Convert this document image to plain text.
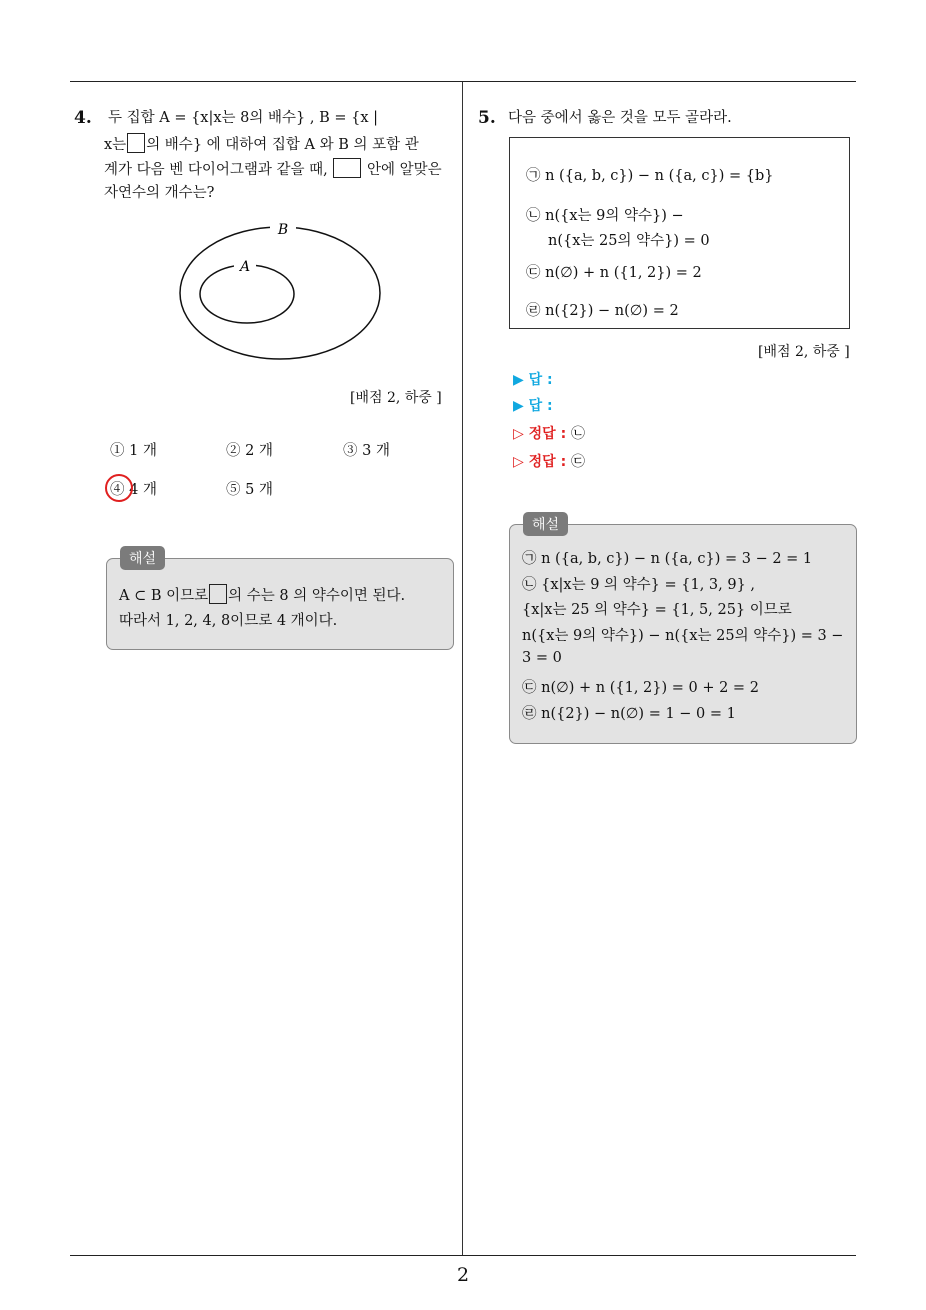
2
4. 두 집합 A = {x|x는 8의 배수} , B = {x |
x는 의 배수} 에 대하여 집합 A 와 B 의 포함 관
계가 다음 벤 다이어그램과 같을 때,	안에 알맞은
자연수의 개수는?
B
A
[배점 2, 하중 ]
① 1 개	② 2 개	③ 3 개
④ 4 개	⑤ 5 개
A ⊂ B 이므로 의 수는 8 의 약수이면 된다.
따라서 1, 2, 4, 8이므로 4 개이다.
해설
5. 다음 중에서 옳은 것을 모두 골라라.
㉠ n ({a, b, c}) − n ({a, c}) = {b}
㉡ n({x는 9의 약수}) −
n({x는 25의 약수}) = 0
㉢ n(∅) + n ({1, 2}) = 2
㉣ n({2}) − n(∅) = 2
[배점 2, 하중 ]
▶ 답 :
▶ 답 :
▷ 정답 : ㉡
▷ 정답 : ㉢
㉠ n ({a, b, c}) − n ({a, c}) = 3 − 2 = 1
㉡ {x|x는 9 의 약수} = {1, 3, 9} ,
{x|x는 25 의 약수} = {1, 5, 25} 이므로
n({x는 9의 약수}) − n({x는 25의 약수}) = 3 −
3 = 0
㉢ n(∅) + n ({1, 2}) = 0 + 2 = 2
㉣ n({2}) − n(∅) = 1 − 0 = 1
해설
